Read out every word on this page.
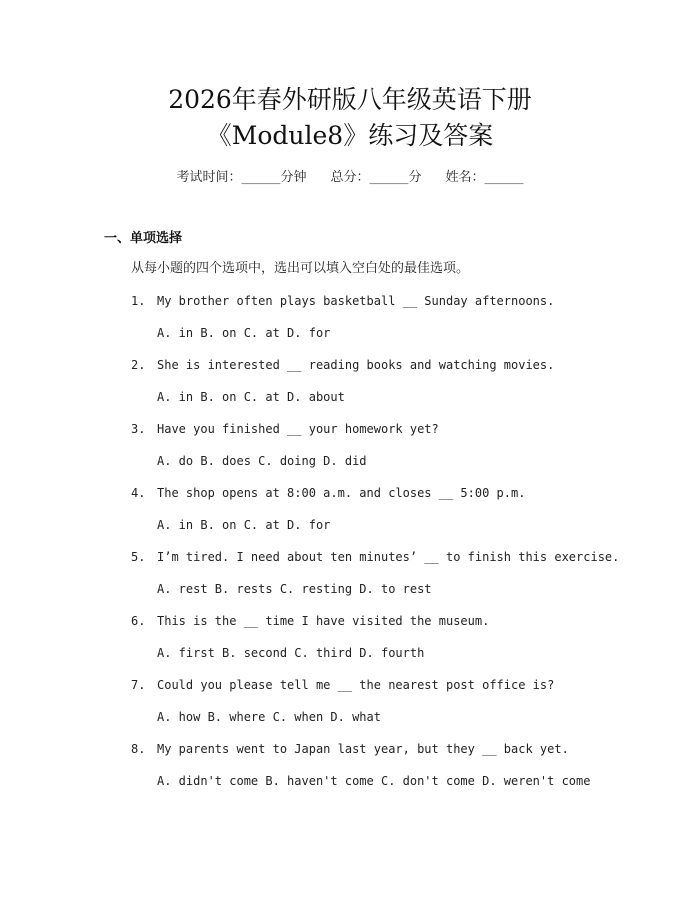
2026年春外研版八年级英语下册
《Module8》练习及答案
考试时间：______分钟 总分：______分 姓名：______
一、单项选择
从每小题的四个选项中，选出可以填入空白处的最佳选项。
1. My brother often plays basketball __ Sunday afternoons.
A. in B. on C. at D. for
2. She is interested __ reading books and watching movies.
A. in B. on C. at D. about
3. Have you finished __ your homework yet?
A. do B. does C. doing D. did
4. The shop opens at 8:00 a.m. and closes __ 5:00 p.m.
A. in B. on C. at D. for
5. I’m tired. I need about ten minutes’ __ to finish this exercise.
A. rest B. rests C. resting D. to rest
6. This is the __ time I have visited the museum.
A. first B. second C. third D. fourth
7. Could you please tell me __ the nearest post office is?
A. how B. where C. when D. what
8. My parents went to Japan last year, but they __ back yet.
A. didn't come B. haven't come C. don't come D. weren't come
